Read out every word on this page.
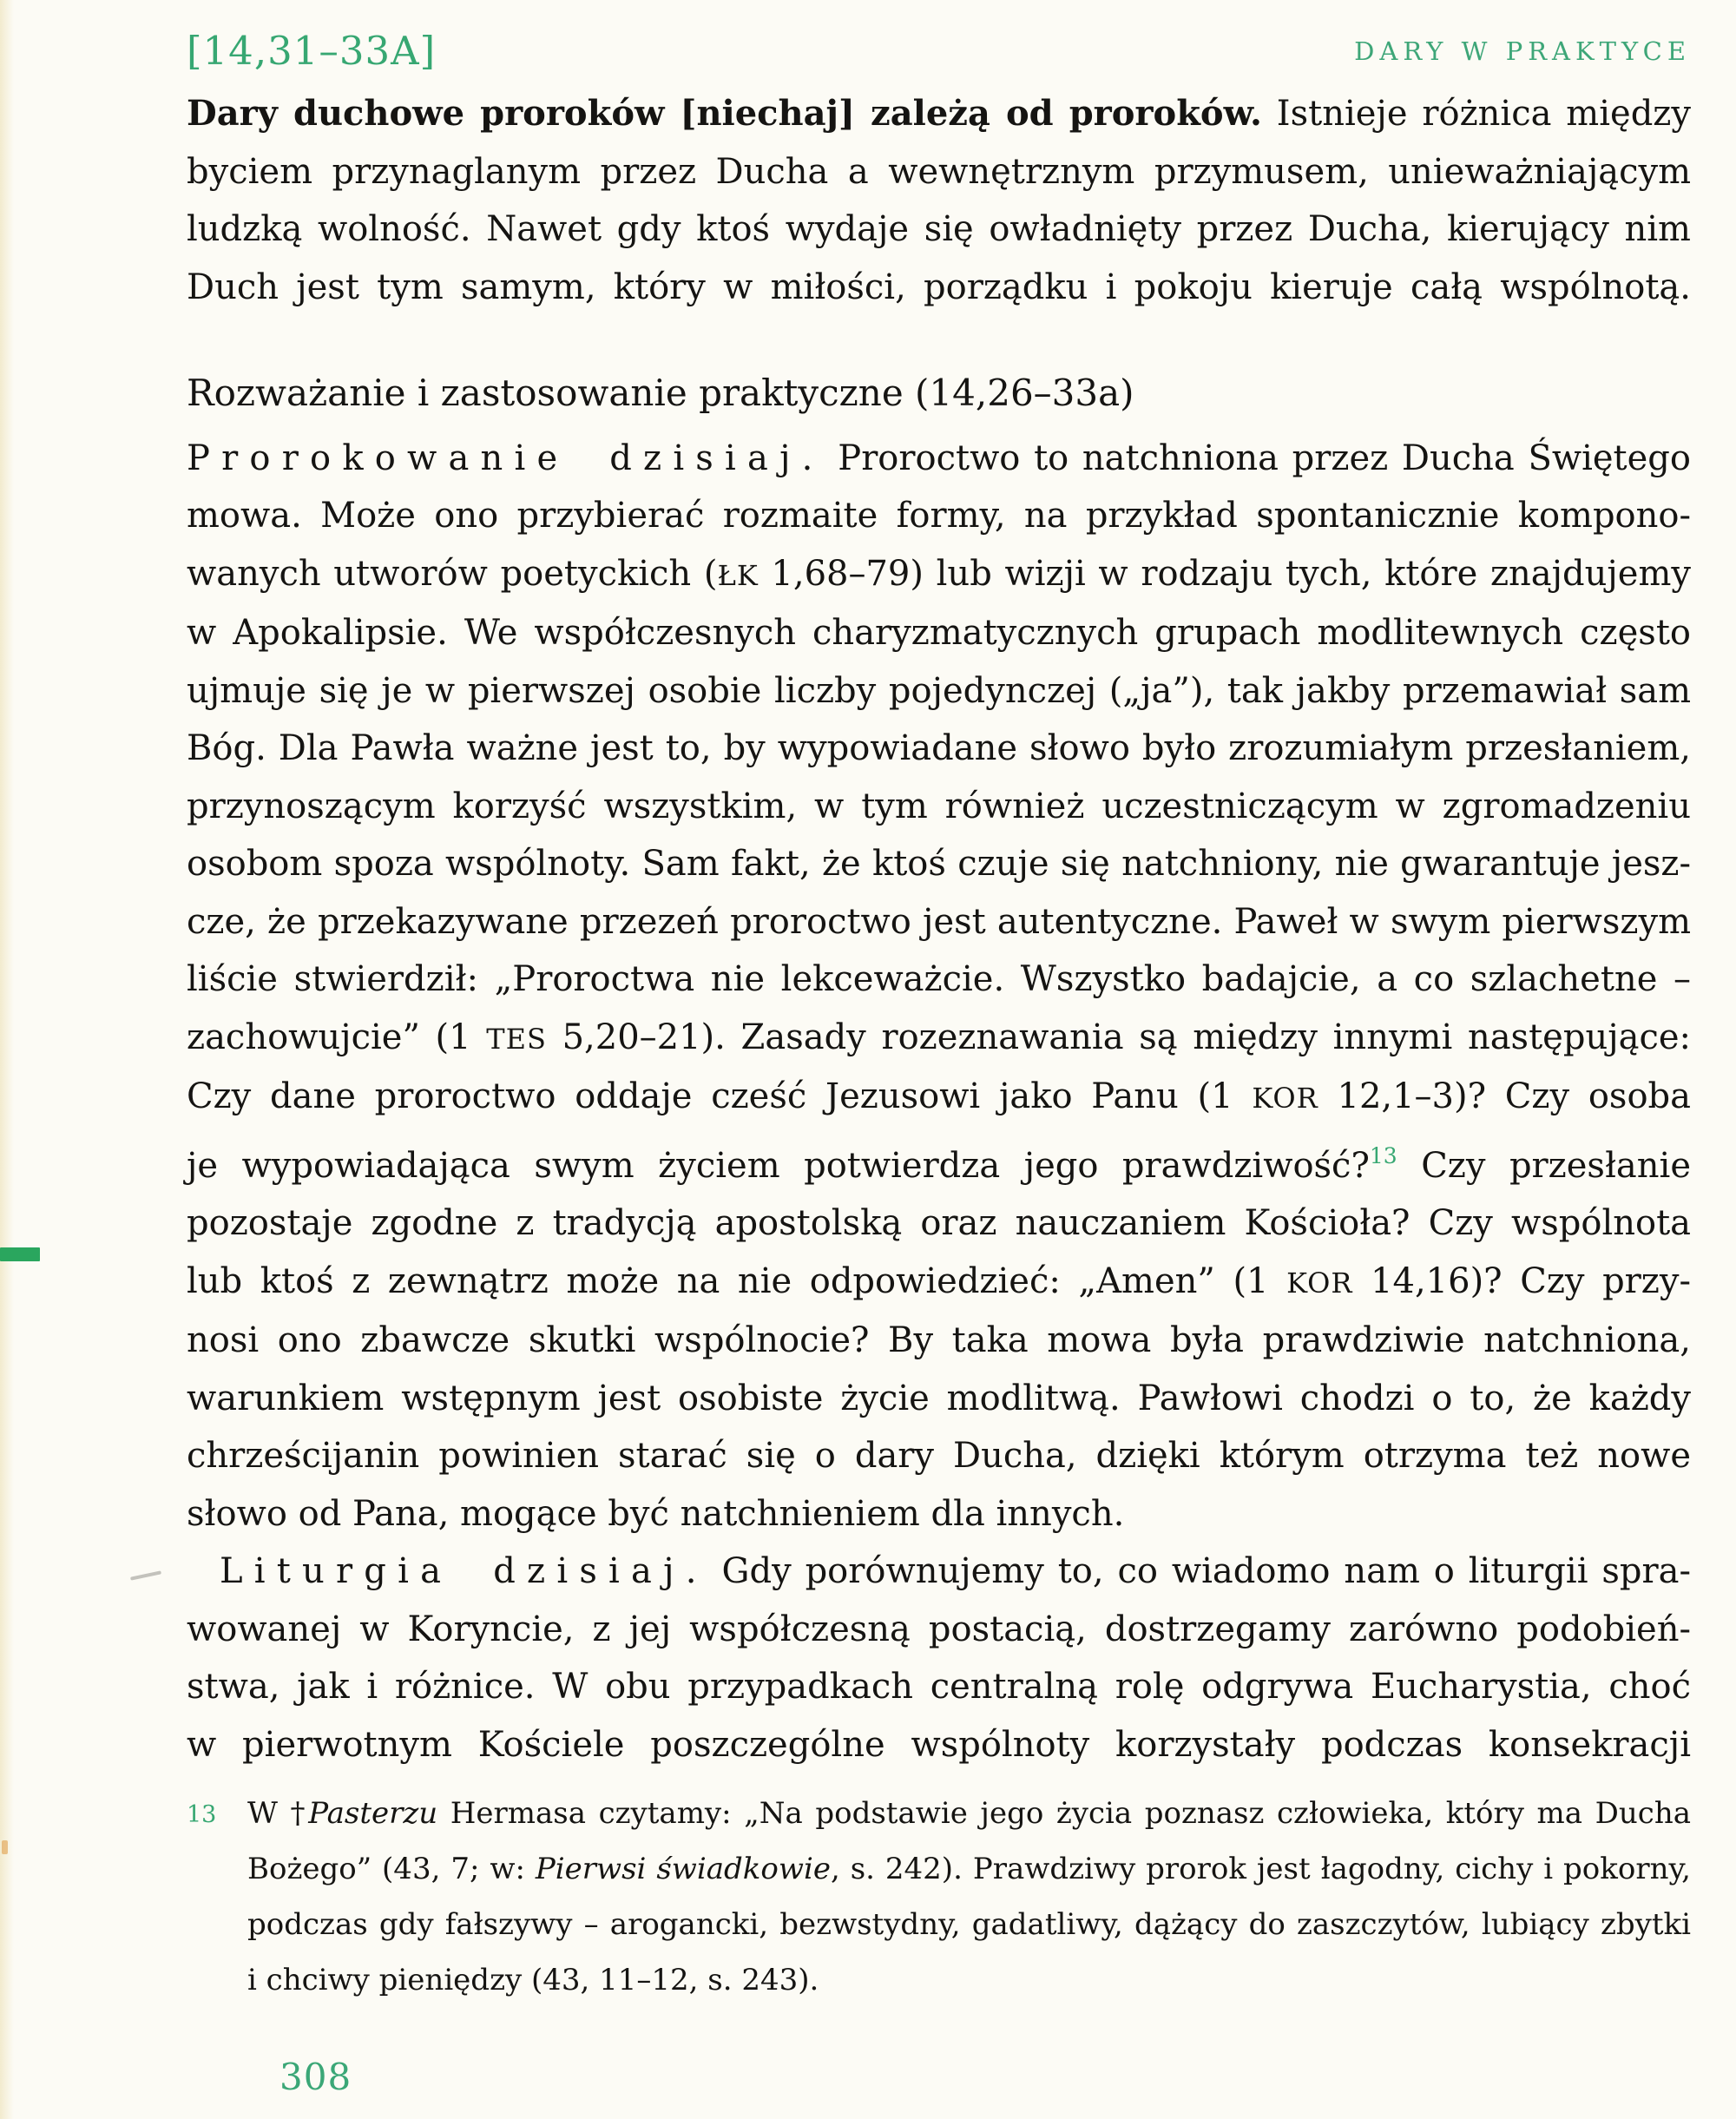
[14,31–33A]	DARY W PRAKTYCE
Dary duchowe proroków [niechaj] zależą od proroków. Istnieje różnica między
byciem przynaglanym przez Ducha a wewnętrznym przymusem, unieważniającym
ludzką wolność. Nawet gdy ktoś wydaje się owładnięty przez Ducha, kierujący nim
Duch jest tym samym, który w miłości, porządku i pokoju kieruje całą wspólnotą.
Rozważanie i zastosowanie praktyczne (14,26–33a)
Prorokowanie dzisiaj. Proroctwo to natchniona przez Ducha Świętego
mowa. Może ono przybierać rozmaite formy, na przykład spontanicznie kompono-
wanych utworów poetyckich (ŁK 1,68–79) lub wizji w rodzaju tych, które znajdujemy
w Apokalipsie. We współczesnych charyzmatycznych grupach modlitewnych często
ujmuje się je w pierwszej osobie liczby pojedynczej („ja”), tak jakby przemawiał sam
Bóg. Dla Pawła ważne jest to, by wypowiadane słowo było zrozumiałym przesłaniem,
przynoszącym korzyść wszystkim, w tym również uczestniczącym w zgromadzeniu
osobom spoza wspólnoty. Sam fakt, że ktoś czuje się natchniony, nie gwarantuje jesz-
cze, że przekazywane przezeń proroctwo jest autentyczne. Paweł w swym pierwszym
liście stwierdził: „Proroctwa nie lekceważcie. Wszystko badajcie, a co szlachetne –
zachowujcie” (1 TES 5,20–21). Zasady rozeznawania są między innymi następujące:
Czy dane proroctwo oddaje cześć Jezusowi jako Panu (1 KOR 12,1–3)? Czy osoba
je wypowiadająca swym życiem potwierdza jego prawdziwość?$^{13}$ Czy przesłanie
pozostaje zgodne z tradycją apostolską oraz nauczaniem Kościoła? Czy wspólnota
lub ktoś z zewnątrz może na nie odpowiedzieć: „Amen” (1 KOR 14,16)? Czy przy-
nosi ono zbawcze skutki wspólnocie? By taka mowa była prawdziwie natchniona,
warunkiem wstępnym jest osobiste życie modlitwą. Pawłowi chodzi o to, że każdy
chrześcijanin powinien starać się o dary Ducha, dzięki którym otrzyma też nowe
słowo od Pana, mogące być natchnieniem dla innych.
Liturgia dzisiaj. Gdy porównujemy to, co wiadomo nam o liturgii spra-
wowanej w Koryncie, z jej współczesną postacią, dostrzegamy zarówno podobień-
stwa, jak i różnice. W obu przypadkach centralną rolę odgrywa Eucharystia, choć
w pierwotnym Kościele poszczególne wspólnoty korzystały podczas konsekracji
13	W †Pasterzu Hermasa czytamy: „Na podstawie jego życia poznasz człowieka, który ma Ducha
Bożego” (43, 7; w: Pierwsi świadkowie, s. 242). Prawdziwy prorok jest łagodny, cichy i pokorny,
podczas gdy fałszywy – arogancki, bezwstydny, gadatliwy, dążący do zaszczytów, lubiący zbytki
i chciwy pieniędzy (43, 11–12, s. 243).
308
